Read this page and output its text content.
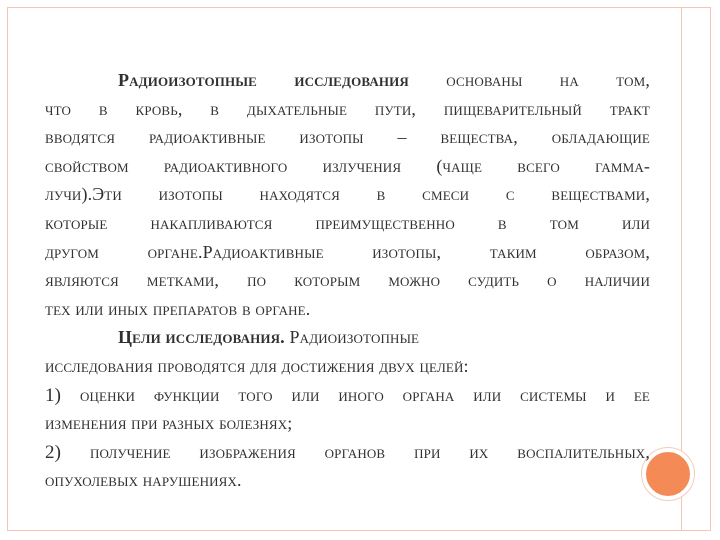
Радиоизотопные исследования основаны на том,
что в кровь, в дыхательные пути, пищеварительный тракт
вводятся радиоактивные изотопы – вещества, обладающие
свойством радиоактивного излучения (чаще всего гамма-
лучи).Эти изотопы находятся в смеси с веществами,
которые накапливаются преимущественно в том или
другом органе.Радиоактивные изотопы, таким образом,
являются метками, по которым можно судить о наличии
тех или иных препаратов в органе.
Цели исследования. Радиоизотопные
исследования проводятся для достижения двух целей:
1) оценки функции того или иного органа или системы и ее
изменения при разных болезнях;
2) получение изображения органов при их воспалительных,
опухолевых нарушениях.
